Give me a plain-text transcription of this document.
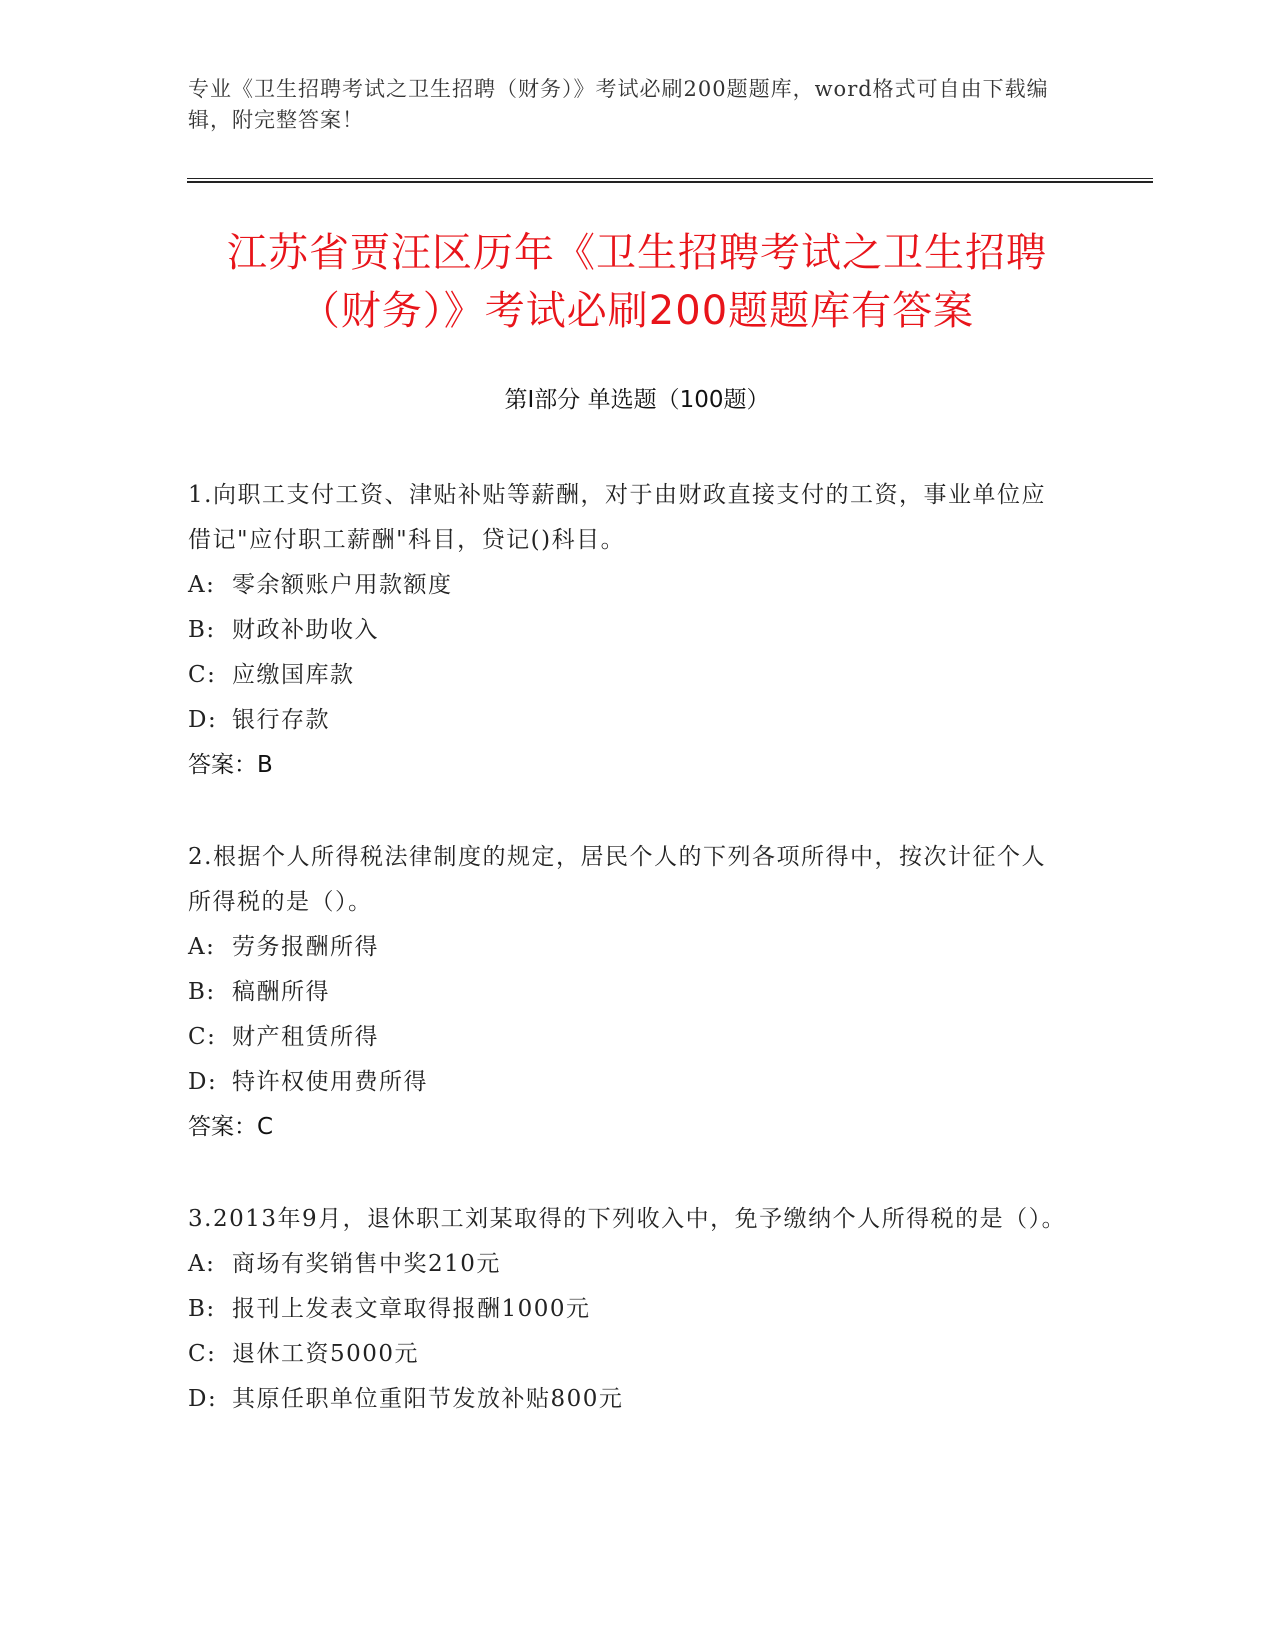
专业《卫生招聘考试之卫生招聘（财务）》考试必刷200题题库，word格式可自由下载编辑，附完整答案！
江苏省贾汪区历年《卫生招聘考试之卫生招聘（财务）》考试必刷200题题库有答案
第Ⅰ部分 单选题（100题）

1.向职工支付工资、津贴补贴等薪酬，对于由财政直接支付的工资，事业单位应借记"应付职工薪酬"科目，贷记()科目。

A: 零余额账户用款额度

B: 财政补助收入

C: 应缴国库款

D: 银行存款

答案：B

2.根据个人所得税法律制度的规定，居民个人的下列各项所得中，按次计征个人所得税的是（）。

A: 劳务报酬所得

B: 稿酬所得

C: 财产租赁所得

D: 特许权使用费所得

答案：C

3.2013年9月，退休职工刘某取得的下列收入中，免予缴纳个人所得税的是（）。

A: 商场有奖销售中奖210元

B: 报刊上发表文章取得报酬1000元

C: 退休工资5000元

D: 其原任职单位重阳节发放补贴800元
